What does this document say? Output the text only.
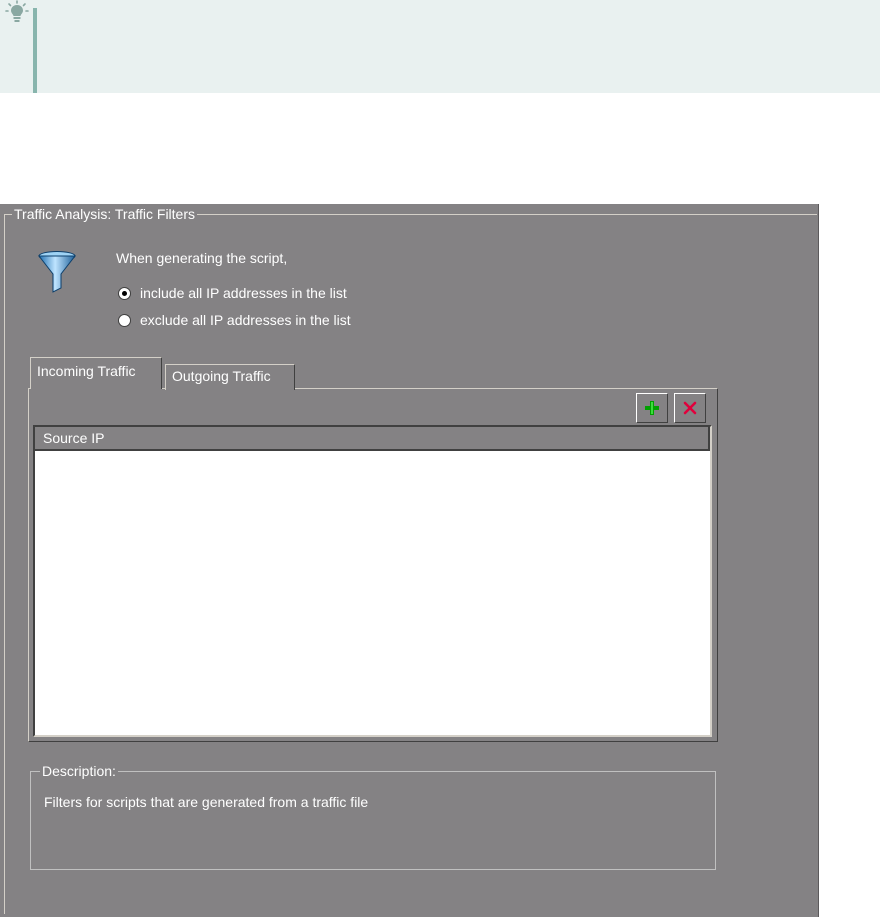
Traffic Analysis: Traffic Filters
When generating the script,
include all IP addresses in the list
exclude all IP addresses in the list
Incoming Traffic	Outgoing Traffic
Source IP
Description:
Filters for scripts that are generated from a traffic file
